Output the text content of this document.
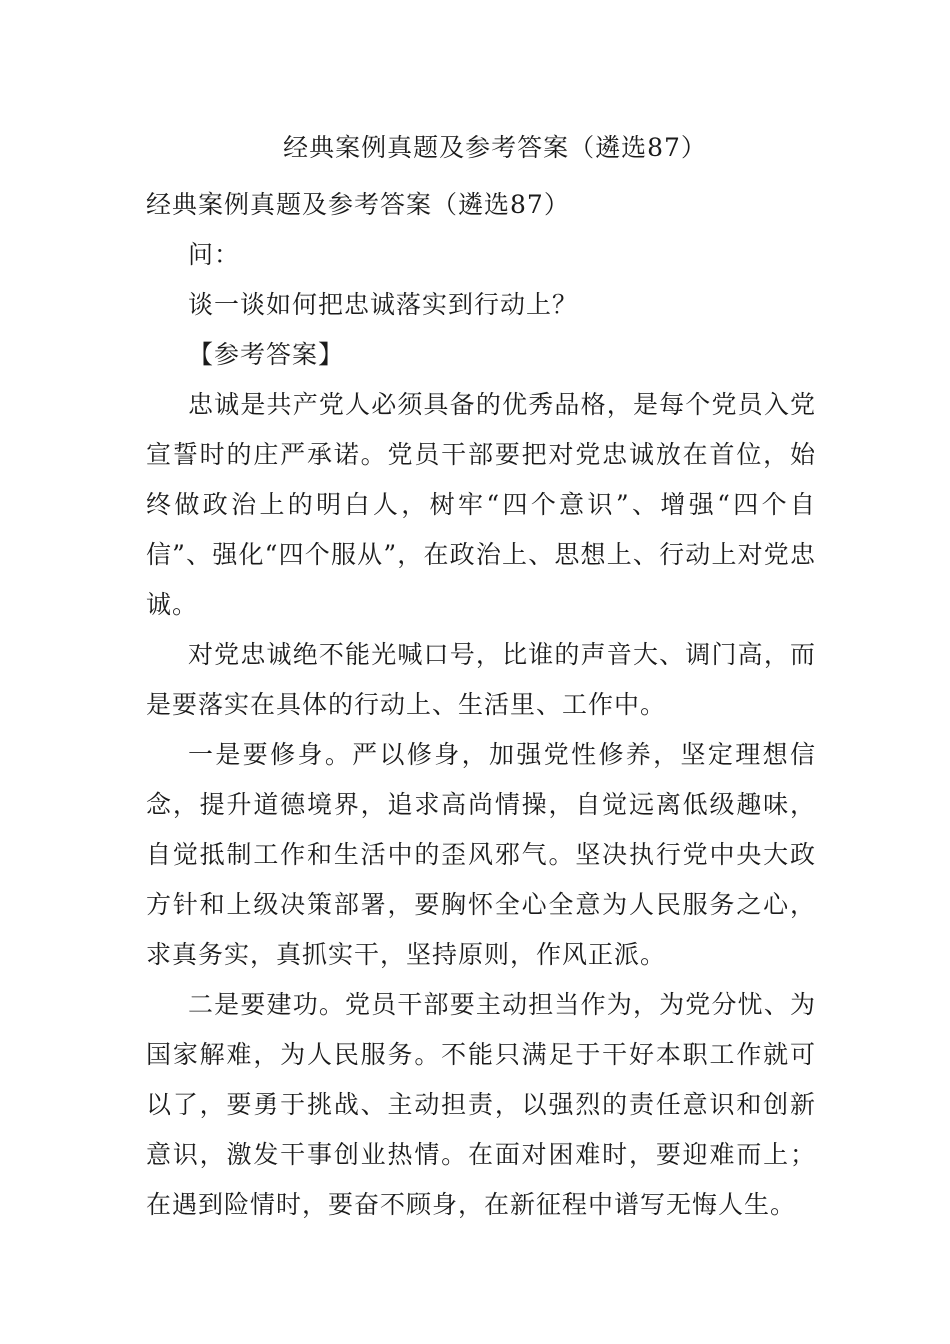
经典案例真题及参考答案（遴选87）

经典案例真题及参考答案（遴选87）

问：

谈一谈如何把忠诚落实到行动上？

【参考答案】

忠诚是共产党人必须具备的优秀品格，是每个党员入党宣誓时的庄严承诺。党员干部要把对党忠诚放在首位，始终做政治上的明白人，树牢“四个意识”、增强“四个自信”、强化“四个服从”，在政治上、思想上、行动上对党忠诚。

对党忠诚绝不能光喊口号，比谁的声音大、调门高，而是要落实在具体的行动上、生活里、工作中。

一是要修身。严以修身，加强党性修养，坚定理想信念，提升道德境界，追求高尚情操，自觉远离低级趣味，自觉抵制工作和生活中的歪风邪气。坚决执行党中央大政方针和上级决策部署，要胸怀全心全意为人民服务之心，求真务实，真抓实干，坚持原则，作风正派。

二是要建功。党员干部要主动担当作为，为党分忧、为国家解难，为人民服务。不能只满足于干好本职工作就可以了，要勇于挑战、主动担责，以强烈的责任意识和创新意识，激发干事创业热情。在面对困难时，要迎难而上；在遇到险情时，要奋不顾身，在新征程中谱写无悔人生。
